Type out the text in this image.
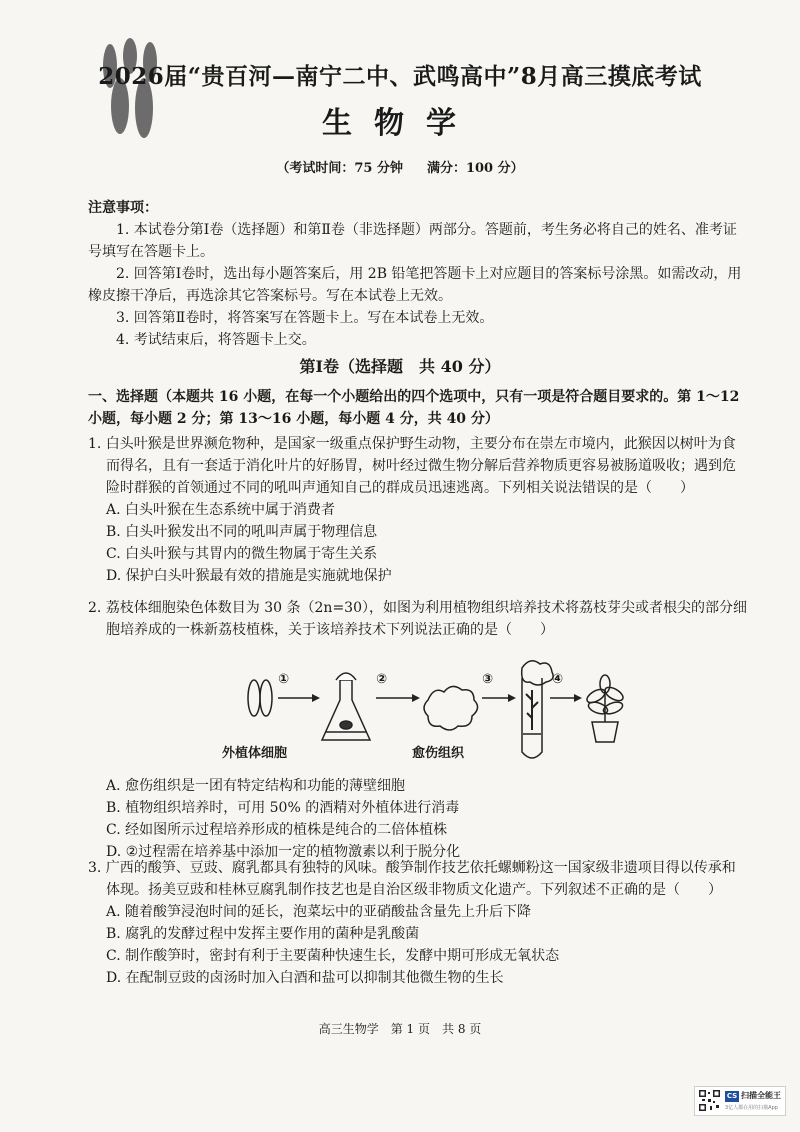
2026届“贵百河—南宁二中、武鸣高中”8月高三摸底考试
生物学
（考试时间：75 分钟 满分：100 分）
注意事项：

1. 本试卷分第Ⅰ卷（选择题）和第Ⅱ卷（非选择题）两部分。答题前，考生务必将自己的姓名、准考证号填写在答题卡上。

2. 回答第Ⅰ卷时，选出每小题答案后，用 2B 铅笔把答题卡上对应题目的答案标号涂黑。如需改动，用橡皮擦干净后，再选涂其它答案标号。写在本试卷上无效。

3. 回答第Ⅱ卷时，将答案写在答题卡上。写在本试卷上无效。

4. 考试结束后，将答题卡上交。

第Ⅰ卷（选择题　共 40 分）
一、选择题（本题共 16 小题，在每一个小题给出的四个选项中，只有一项是符合题目要求的。第 1～12 小题，每小题 2 分；第 13～16 小题，每小题 4 分，共 40 分）

1. 白头叶猴是世界濒危物种，是国家一级重点保护野生动物，主要分布在崇左市境内，此猴因以树叶为食而得名，且有一套适于消化叶片的好肠胃，树叶经过微生物分解后营养物质更容易被肠道吸收；遇到危险时群猴的首领通过不同的吼叫声通知自己的群成员迅速逃离。下列相关说法错误的是（　　）

A. 白头叶猴在生态系统中属于消费者

B. 白头叶猴发出不同的吼叫声属于物理信息

C. 白头叶猴与其胃内的微生物属于寄生关系

D. 保护白头叶猴最有效的措施是实施就地保护

2. 荔枝体细胞染色体数目为 30 条（2n=30），如图为利用植物组织培养技术将荔枝芽尖或者根尖的部分细胞培养成的一株新荔枝植株，关于该培养技术下列说法正确的是（　　）

①	②	③	④
外植体细胞	愈伤组织

A. 愈伤组织是一团有特定结构和功能的薄壁细胞

B. 植物组织培养时，可用 50% 的酒精对外植体进行消毒

C. 经如图所示过程培养形成的植株是纯合的二倍体植株

D. ②过程需在培养基中添加一定的植物激素以利于脱分化

3. 广西的酸笋、豆豉、腐乳都具有独特的风味。酸笋制作技艺依托螺蛳粉这一国家级非遗项目得以传承和体现。扬美豆豉和桂林豆腐乳制作技艺也是自治区级非物质文化遗产。下列叙述不正确的是（　　）

A. 随着酸笋浸泡时间的延长，泡菜坛中的亚硝酸盐含量先上升后下降

B. 腐乳的发酵过程中发挥主要作用的菌种是乳酸菌

C. 制作酸笋时，密封有利于主要菌种快速生长，发酵中期可形成无氧状态

D. 在配制豆豉的卤汤时加入白酒和盐可以抑制其他微生物的生长

高三生物学　第 1 页　共 8 页
CS 扫描全能王
3亿人都在用的扫描App
